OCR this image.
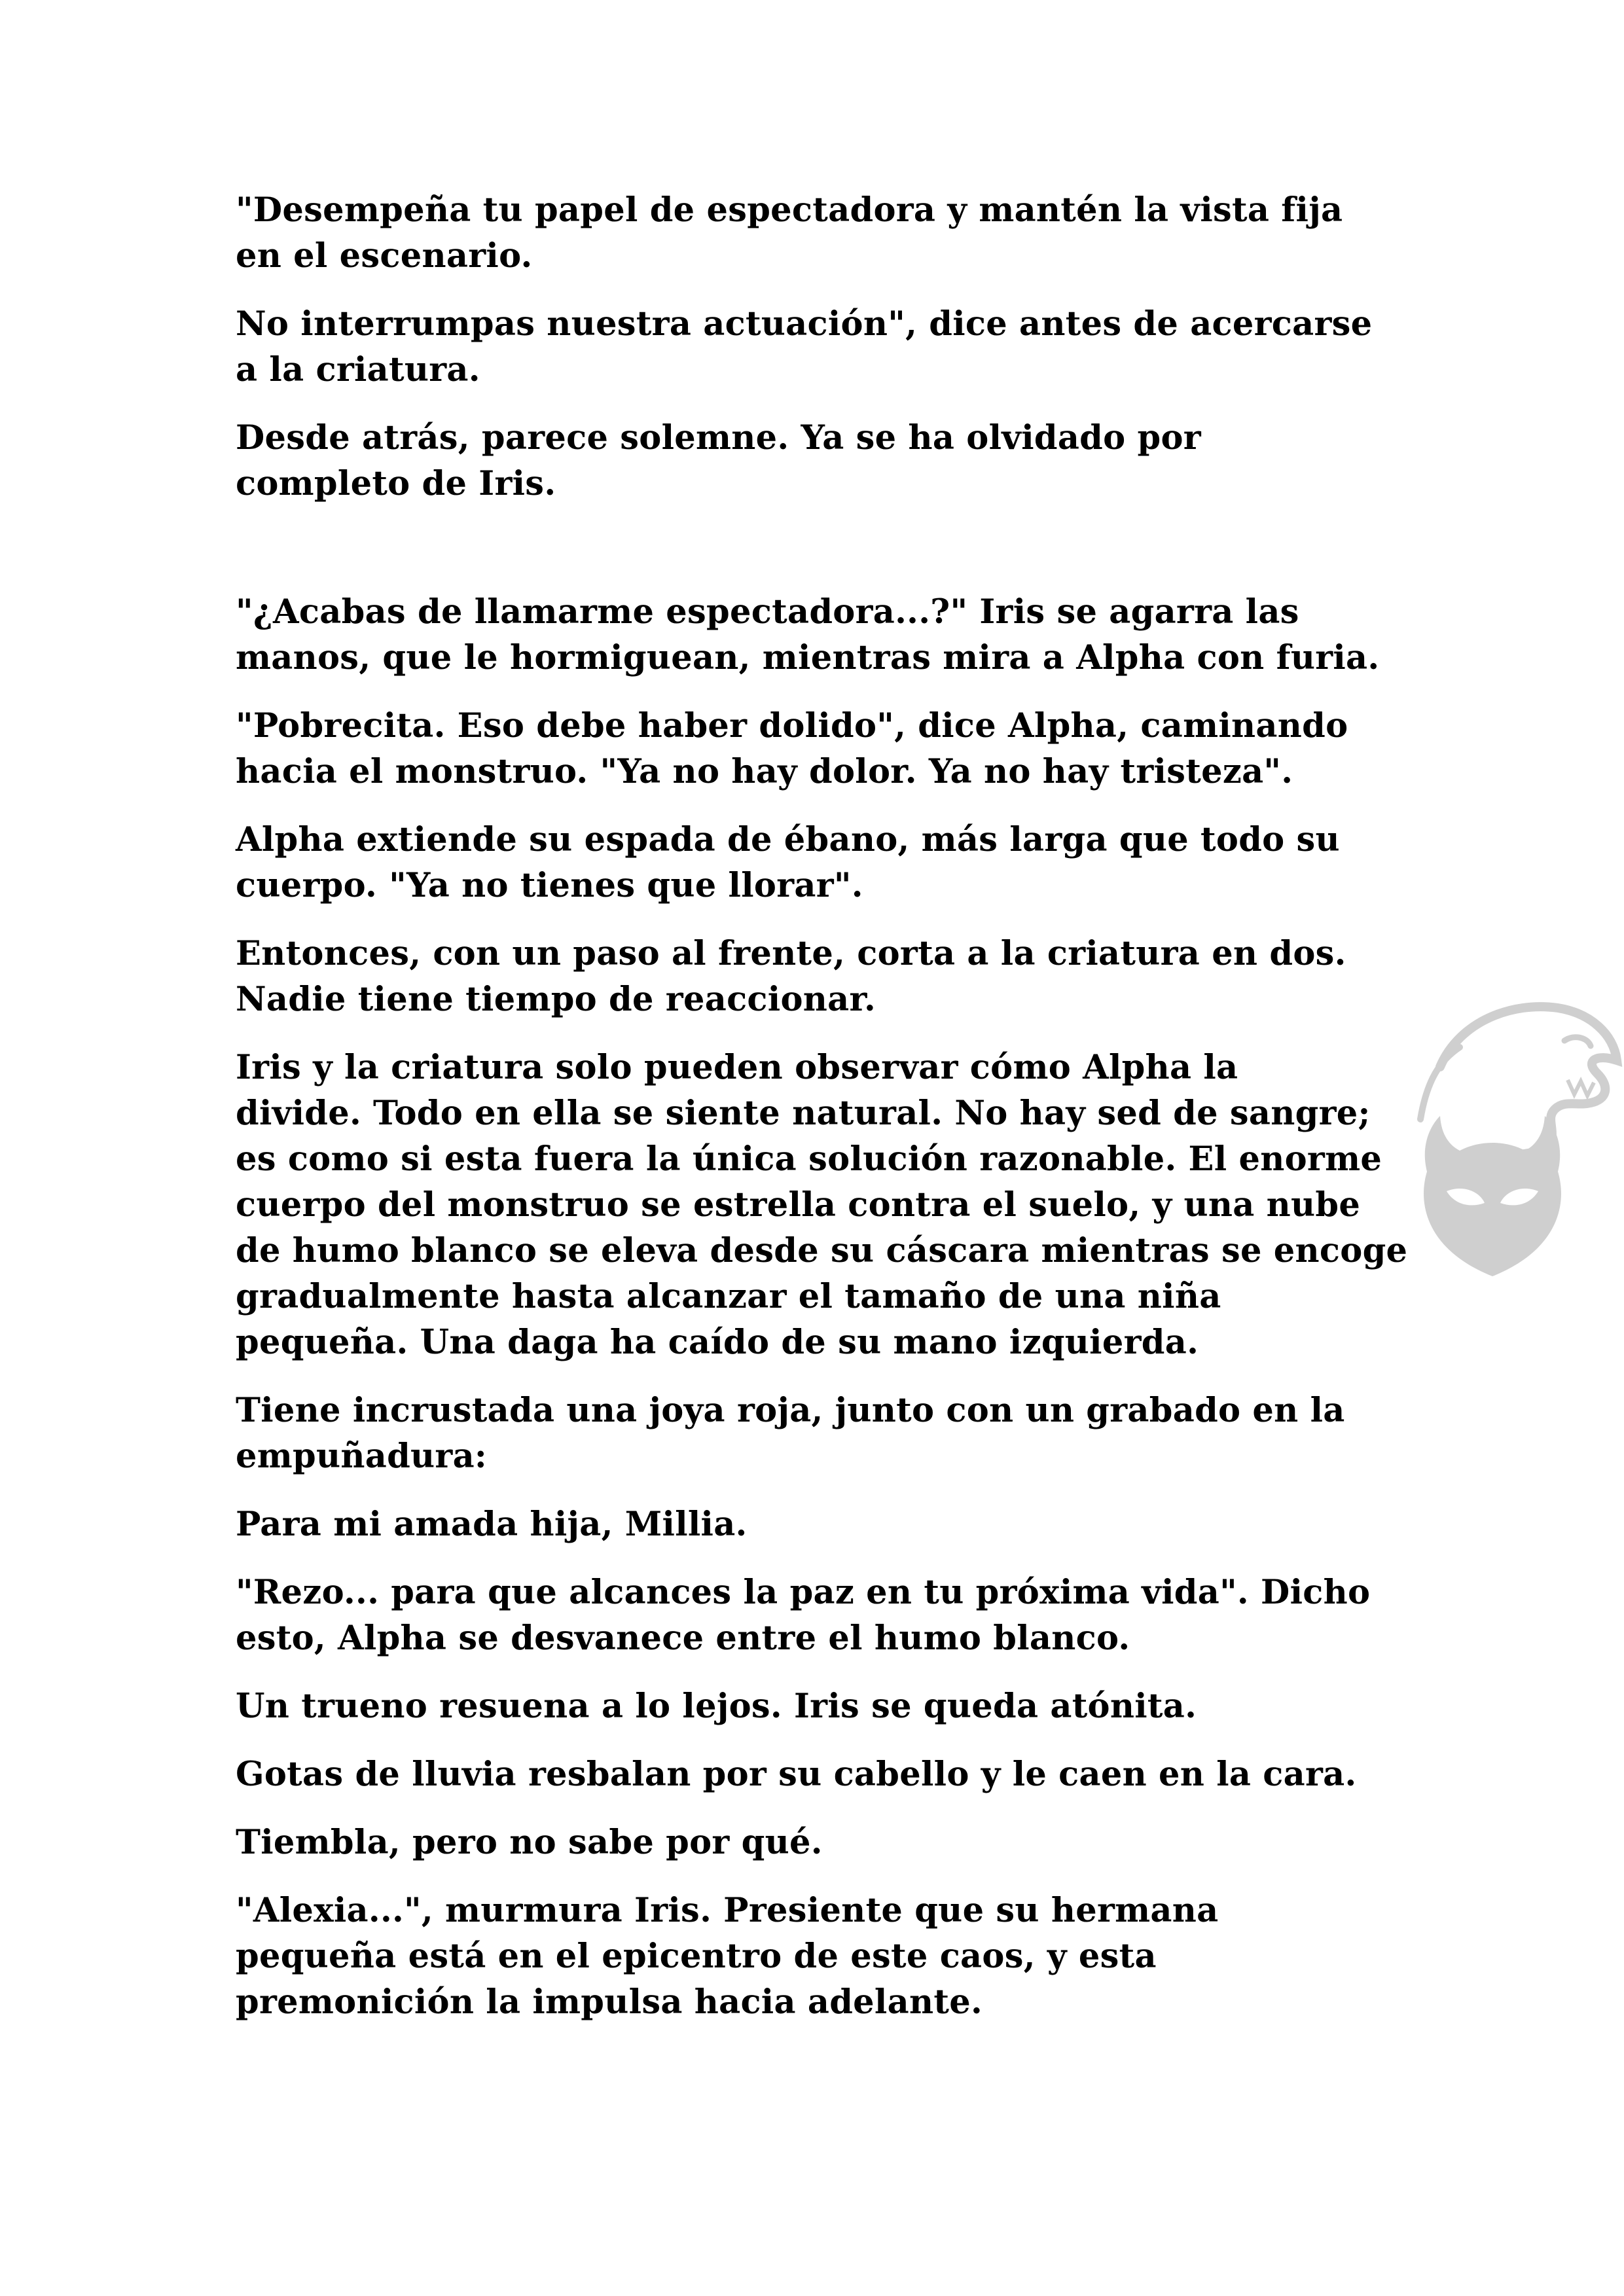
"Desempeña tu papel de espectadora y mantén la vista fija
en el escenario.

No interrumpas nuestra actuación", dice antes de acercarse
a la criatura.

Desde atrás, parece solemne. Ya se ha olvidado por
completo de Iris.

"¿Acabas de llamarme espectadora...?" Iris se agarra las
manos, que le hormiguean, mientras mira a Alpha con furia.

"Pobrecita. Eso debe haber dolido", dice Alpha, caminando
hacia el monstruo. "Ya no hay dolor. Ya no hay tristeza".

Alpha extiende su espada de ébano, más larga que todo su
cuerpo. "Ya no tienes que llorar".

Entonces, con un paso al frente, corta a la criatura en dos.
Nadie tiene tiempo de reaccionar.

Iris y la criatura solo pueden observar cómo Alpha la
divide. Todo en ella se siente natural. No hay sed de sangre;
es como si esta fuera la única solución razonable. El enorme
cuerpo del monstruo se estrella contra el suelo, y una nube
de humo blanco se eleva desde su cáscara mientras se encoge
gradualmente hasta alcanzar el tamaño de una niña
pequeña. Una daga ha caído de su mano izquierda.

Tiene incrustada una joya roja, junto con un grabado en la
empuñadura:

Para mi amada hija, Millia.

"Rezo... para que alcances la paz en tu próxima vida". Dicho
esto, Alpha se desvanece entre el humo blanco.

Un trueno resuena a lo lejos. Iris se queda atónita.

Gotas de lluvia resbalan por su cabello y le caen en la cara.

Tiembla, pero no sabe por qué.

"Alexia...", murmura Iris. Presiente que su hermana
pequeña está en el epicentro de este caos, y esta
premonición la impulsa hacia adelante.
